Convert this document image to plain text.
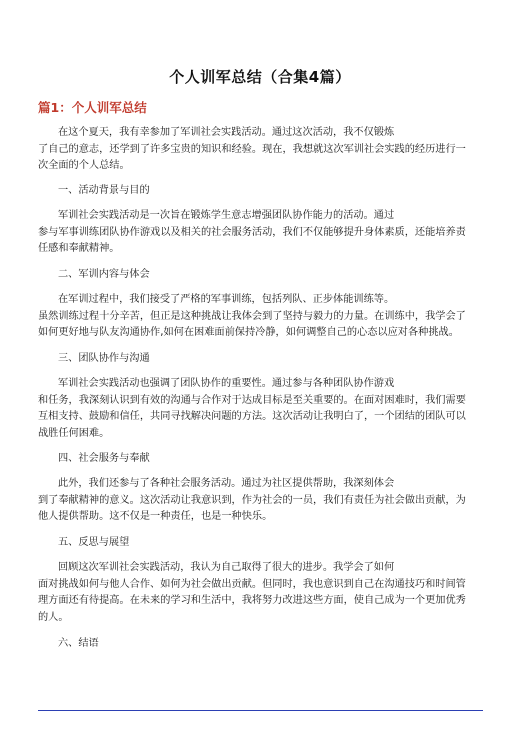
个人训军总结（合集4篇）
篇1：个人训军总结
在这个夏天，我有幸参加了军训社会实践活动。通过这次活动，我不仅锻炼
了自己的意志，还学到了许多宝贵的知识和经验。现在，我想就这次军训社会实践的经历进行一
次全面的个人总结。
一、活动背景与目的
军训社会实践活动是一次旨在锻炼学生意志增强团队协作能力的活动。通过
参与军事训练团队协作游戏以及相关的社会服务活动，我们不仅能够提升身体素质，还能培养责
任感和奉献精神。
二、军训内容与体会
在军训过程中，我们接受了严格的军事训练，包括列队、正步体能训练等。
虽然训练过程十分辛苦，但正是这种挑战让我体会到了坚持与毅力的力量。在训练中，我学会了
如何更好地与队友沟通协作,如何在困难面前保持冷静，如何调整自己的心态以应对各种挑战。
三、团队协作与沟通
军训社会实践活动也强调了团队协作的重要性。通过参与各种团队协作游戏
和任务，我深刻认识到有效的沟通与合作对于达成目标是至关重要的。在面对困难时，我们需要
互相支持、鼓励和信任，共同寻找解决问题的方法。这次活动让我明白了，一个团结的团队可以
战胜任何困难。
四、社会服务与奉献
此外，我们还参与了各种社会服务活动。通过为社区提供帮助，我深刻体会
到了奉献精神的意义。这次活动让我意识到，作为社会的一员，我们有责任为社会做出贡献，为
他人提供帮助。这不仅是一种责任，也是一种快乐。
五、反思与展望
回顾这次军训社会实践活动，我认为自己取得了很大的进步。我学会了如何
面对挑战如何与他人合作、如何为社会做出贡献。但同时，我也意识到自己在沟通技巧和时间管
理方面还有待提高。在未来的学习和生活中，我将努力改进这些方面，使自己成为一个更加优秀
的人。
六、结语
